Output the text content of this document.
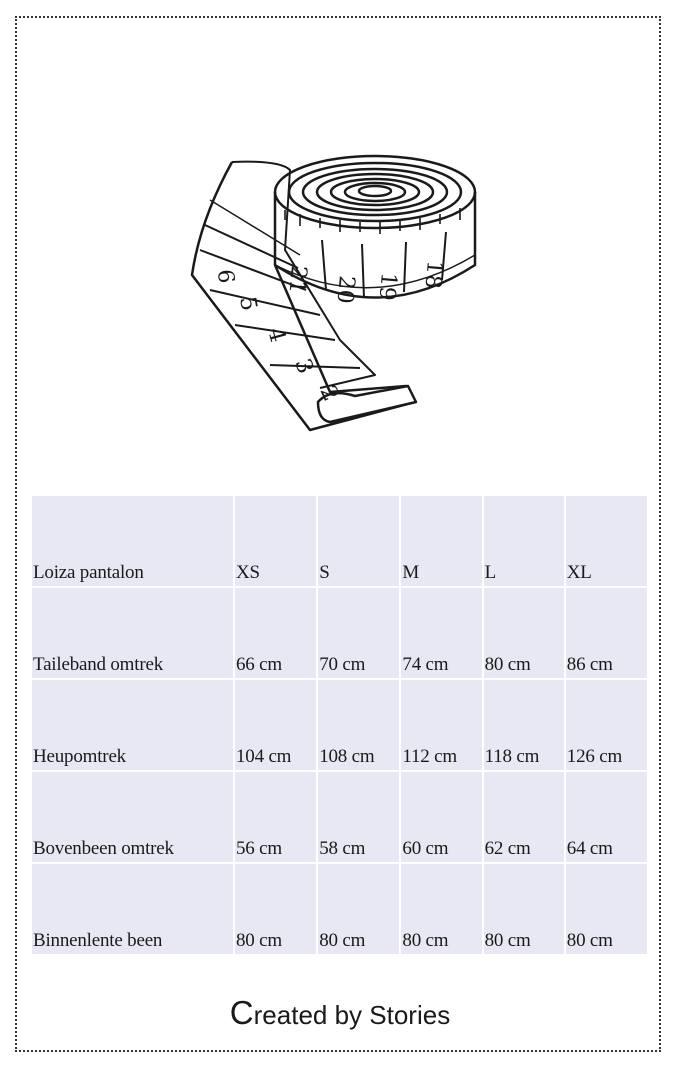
6
5
4
3
2
21 20 19 18
Loiza pantalon	XS	S	M	L	XL
Taileband omtrek	66 cm	70 cm	74 cm	80 cm	86 cm
Heupomtrek	104 cm	108 cm	112 cm	118 cm	126 cm
Bovenbeen omtrek	56 cm	58 cm	60 cm	62 cm	64 cm
Binnenlente been	80 cm	80 cm	80 cm	80 cm	80 cm
Created by Stories
